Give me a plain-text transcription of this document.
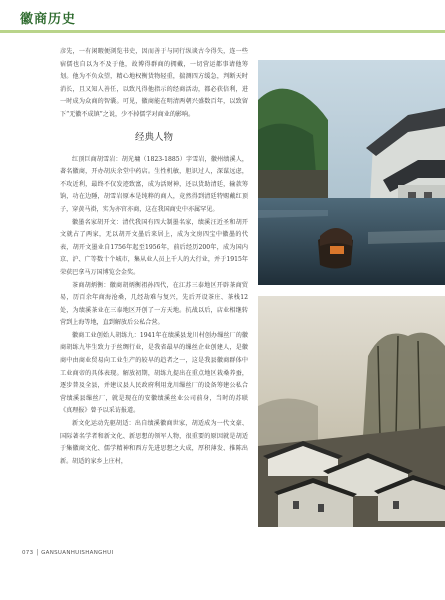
徽商历史

彦先，一有闲暇便浏览书史，因而善于与同行纵谈古今得失，连一些宿儒也自以为不及于他，故博得群商的拥戴，一切营运都事请他筹划。他为不负众望，精心地权衡货物轻重，揣测四方缓急，判断天时消长，且又知人善任，以致凡得他指示的经商活动，都必获倍利，进一时成为众商的智囊。可见，徽商能在明清两朝兴盛数百年，以致留下“无徽不成镇”之说，少不掉儒学对商业的影响。

经典人物

红顶巨商胡雪岩：胡光墉（1823-1885）字雪岩，徽州绩溪人，著名徽商，开办胡庆余堂中药店。生性机敏，胆识过人，深谋远虑，不攻近利，最终不仅发迹致富，成为活财神，还以货助清廷，输款筹饷，功在边陲，胡雪岩原本是纯粹的商人，竟然得到清廷特赐戴红顶子，穿黄马褂，实为亦官亦商，这在我国商史中亦属罕见。

徽墨名家胡开文：清代我国有四大制墨名家，绩溪汪近圣和胡开文就占了两家，无以胡开文墨后来居上，成为文房四宝中徽墨的代表，胡开文墨业自1756年起至1956年，前后经历200年，成为国内京、沪、广等数十个城市，集从业人员上千人的大行业，并于1915年荣获巴拿马万国博览会金奖。

茶商胡炳衡：徽商胡炳衡祖孙四代，在江苏三泰地区开辟茶商贸易，历百余年商海沧桑，几经劫难与复兴，先后开设茶庄、茶栈12处，为绩溪茶业在三泰地区开创了一方天地。抗战以后，店业相继转营到上海等地，直到解放后公私合营。

徽商工业创始人胡练九：1941年在绩溪县龙川村创办缫丝厂的徽商胡练九毕生致力于丝绸行业，是我省最早的缫丝企业创建人，是徽商中由商业贸易向工业生产的较早的趋者之一，这是我县徽商群体中工业商帝的具体表现。解放初期，胡练九提出在重点地区栽桑养蚕，逐步普及全县，并建议县人民政府利用龙川缫丝厂的设备筹建公私合营绩溪县缫丝厂，就是现在的安徽绩溪丝业公司前身，当时的苏联《真理报》曾予以采访报道。

新文化运动先驱胡适：出自绩溪徽商世家，胡适成为一代文豪、国际著名学者和新文化、新思想的领军人物，很重要的原因就是胡适于集徽商文化、儒学精神和西方先进思想之大成，厚积薄发、推陈出新。胡适的家乡上庄村，

073 │ GANSUANHUISHANGHUI
